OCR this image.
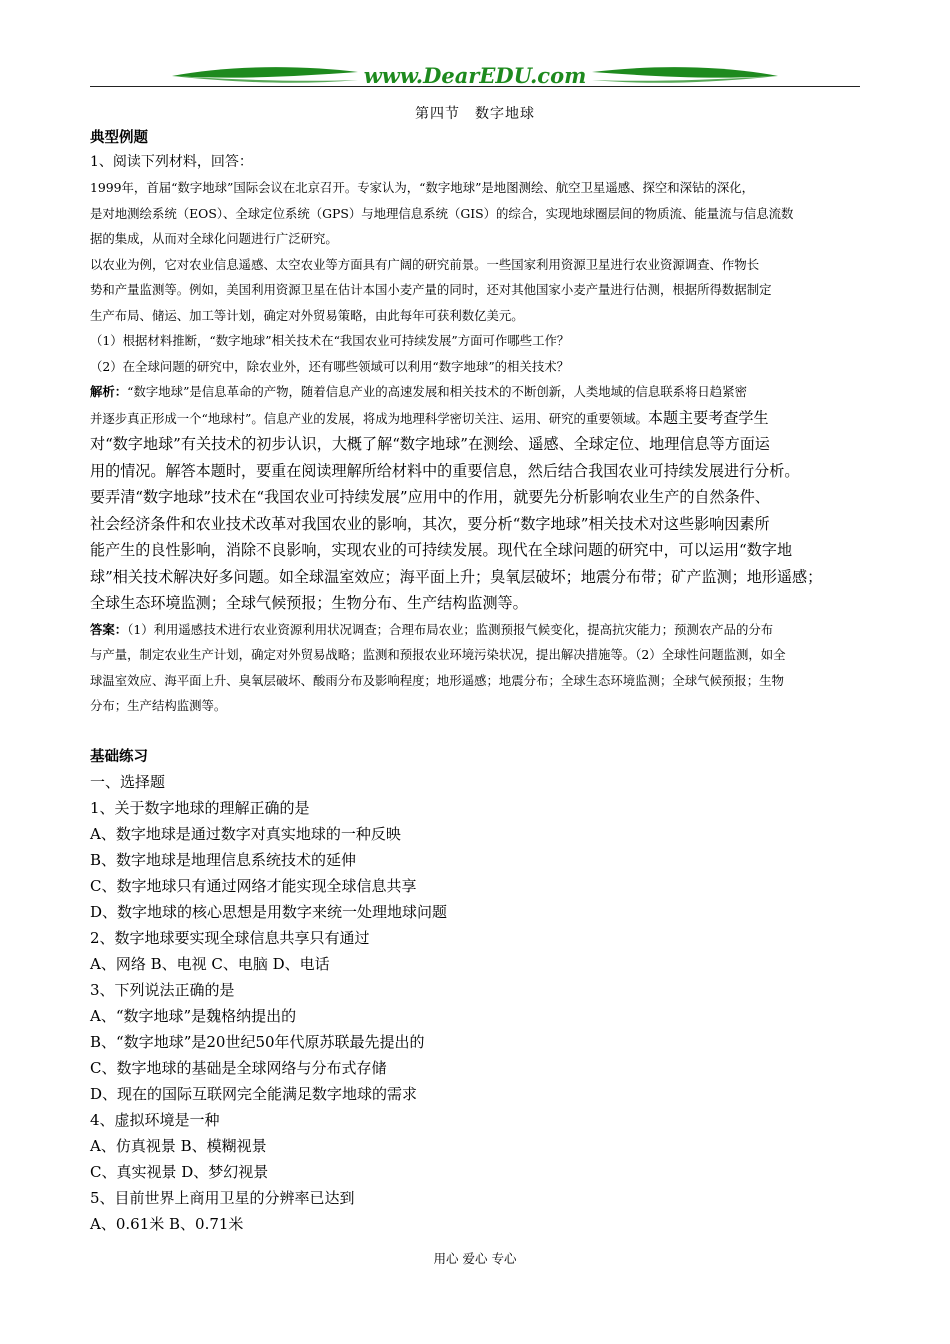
www.DearEDU.com
第四节　数字地球
典型例题
1、阅读下列材料，回答：
1999年，首届“数字地球”国际会议在北京召开。专家认为，“数字地球”是地图测绘、航空卫星遥感、探空和深钻的深化，
是对地测绘系统（EOS）、全球定位系统（GPS）与地理信息系统（GIS）的综合，实现地球圈层间的物质流、能量流与信息流数
据的集成，从而对全球化问题进行广泛研究。
以农业为例，它对农业信息遥感、太空农业等方面具有广阔的研究前景。一些国家利用资源卫星进行农业资源调查、作物长
势和产量监测等。例如，美国利用资源卫星在估计本国小麦产量的同时，还对其他国家小麦产量进行估测，根据所得数据制定
生产布局、储运、加工等计划，确定对外贸易策略，由此每年可获利数亿美元。
（1）根据材料推断，“数字地球”相关技术在“我国农业可持续发展”方面可作哪些工作？
（2）在全球问题的研究中，除农业外，还有哪些领域可以利用“数字地球”的相关技术？
解析：“数字地球”是信息革命的产物，随着信息产业的高速发展和相关技术的不断创新，人类地域的信息联系将日趋紧密
并逐步真正形成一个“地球村”。信息产业的发展，将成为地理科学密切关注、运用、研究的重要领域。本题主要考查学生
对“数字地球”有关技术的初步认识，大概了解“数字地球”在测绘、遥感、全球定位、地理信息等方面运
用的情况。解答本题时，要重在阅读理解所给材料中的重要信息，然后结合我国农业可持续发展进行分析。
要弄清“数字地球”技术在“我国农业可持续发展”应用中的作用，就要先分析影响农业生产的自然条件、
社会经济条件和农业技术改革对我国农业的影响，其次，要分析“数字地球”相关技术对这些影响因素所
能产生的良性影响，消除不良影响，实现农业的可持续发展。现代在全球问题的研究中，可以运用“数字地
球”相关技术解决好多问题。如全球温室效应；海平面上升；臭氧层破坏；地震分布带；矿产监测；地形遥感；
全球生态环境监测；全球气候预报；生物分布、生产结构监测等。
答案：（1）利用遥感技术进行农业资源利用状况调查；合理布局农业；监测预报气候变化，提高抗灾能力；预测农产品的分布
与产量，制定农业生产计划，确定对外贸易战略；监测和预报农业环境污染状况，提出解决措施等。（2）全球性问题监测，如全
球温室效应、海平面上升、臭氧层破坏、酸雨分布及影响程度；地形遥感；地震分布；全球生态环境监测；全球气候预报；生物
分布；生产结构监测等。
基础练习
一、选择题
1、关于数字地球的理解正确的是
A、数字地球是通过数字对真实地球的一种反映
B、数字地球是地理信息系统技术的延伸
C、数字地球只有通过网络才能实现全球信息共享
D、数字地球的核心思想是用数字来统一处理地球问题
2、数字地球要实现全球信息共享只有通过
A、网络 B、电视 C、电脑 D、电话
3、下列说法正确的是
A、“数字地球”是魏格纳提出的
B、“数字地球”是20世纪50年代原苏联最先提出的
C、数字地球的基础是全球网络与分布式存储
D、现在的国际互联网完全能满足数字地球的需求
4、虚拟环境是一种
A、仿真视景 B、模糊视景
C、真实视景 D、梦幻视景
5、目前世界上商用卫星的分辨率已达到
A、0.61米 B、0.71米
用心 爱心 专心
